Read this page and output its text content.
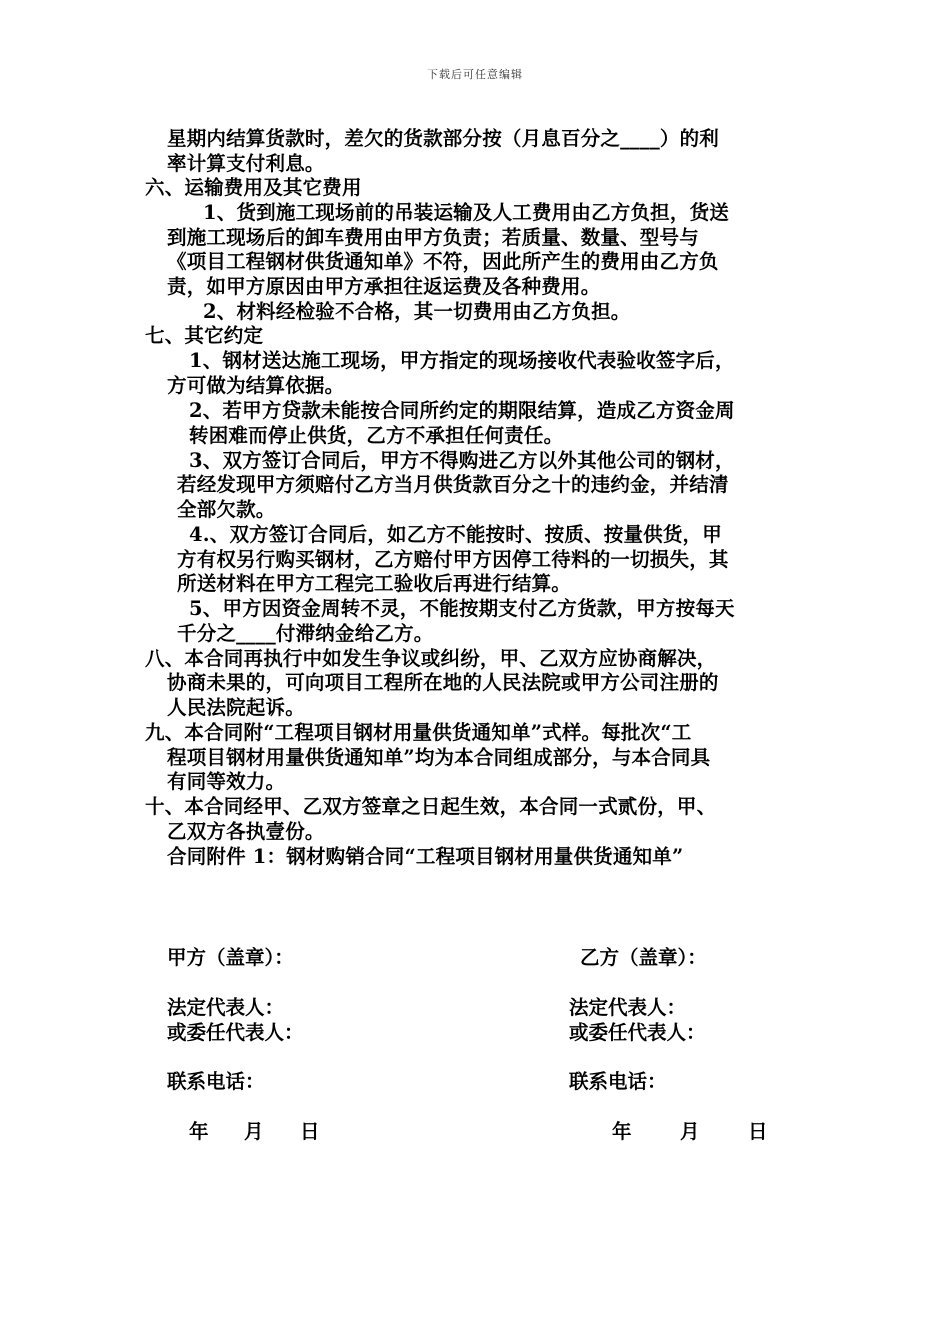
下载后可任意编辑
星期内结算货款时，差欠的货款部分按（月息百分之____）的利
率计算支付利息。
六、运输费用及其它费用
1、货到施工现场前的吊装运输及人工费用由乙方负担，货送
到施工现场后的卸车费用由甲方负责；若质量、数量、型号与
《项目工程钢材供货通知单》不符，因此所产生的费用由乙方负
责，如甲方原因由甲方承担往返运费及各种费用。
2、材料经检验不合格，其一切费用由乙方负担。
七、其它约定
1、钢材送达施工现场，甲方指定的现场接收代表验收签字后，
方可做为结算依据。
2、若甲方贷款未能按合同所约定的期限结算，造成乙方资金周
转困难而停止供货，乙方不承担任何责任。
3、双方签订合同后，甲方不得购进乙方以外其他公司的钢材，
若经发现甲方须赔付乙方当月供货款百分之十的违约金，并结清
全部欠款。
4.、双方签订合同后，如乙方不能按时、按质、按量供货，甲
方有权另行购买钢材，乙方赔付甲方因停工待料的一切损失，其
所送材料在甲方工程完工验收后再进行结算。
5、甲方因资金周转不灵，不能按期支付乙方货款，甲方按每天
千分之____付滞纳金给乙方。
八、本合同再执行中如发生争议或纠纷，甲、乙双方应协商解决，
协商未果的，可向项目工程所在地的人民法院或甲方公司注册的
人民法院起诉。
九、本合同附“工程项目钢材用量供货通知单”式样。每批次“工
程项目钢材用量供货通知单”均为本合同组成部分，与本合同具
有同等效力。
十、本合同经甲、乙双方签章之日起生效，本合同一式贰份，甲、
乙双方各执壹份。
合同附件 1：钢材购销合同“工程项目钢材用量供货通知单”
甲方（盖章）：
法定代表人：
或委任代表人：
联系电话：
年 月 日
乙方（盖章）：
法定代表人：
或委任代表人：
联系电话：
年 月 日
